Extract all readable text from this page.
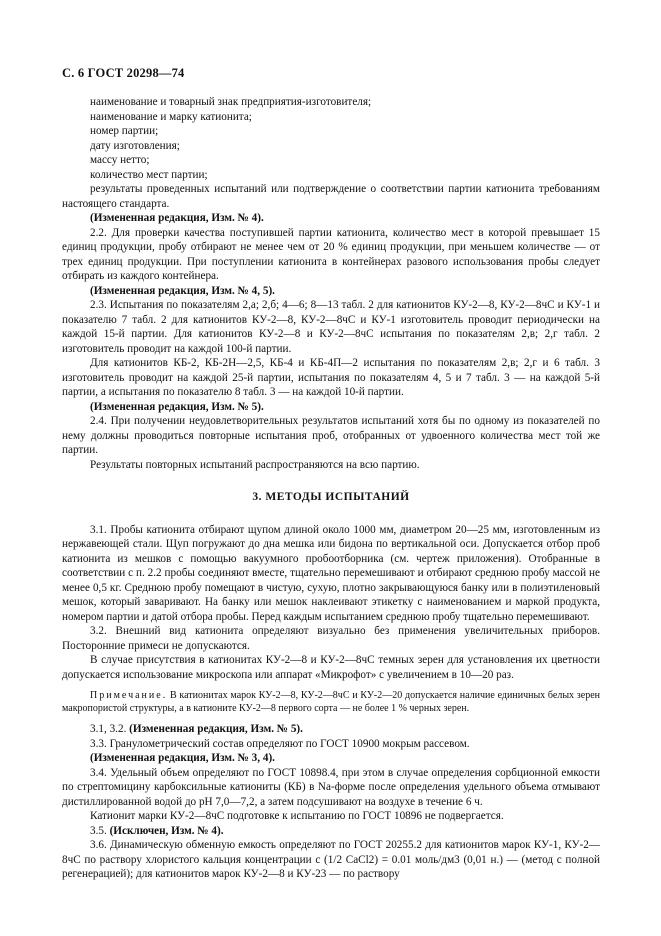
С. 6 ГОСТ 20298—74

наименование и товарный знак предприятия-изготовителя;

наименование и марку катионита;

номер партии;

дату изготовления;

массу нетто;

количество мест партии;

результаты проведенных испытаний или подтверждение о соответствии партии катионита требованиям настоящего стандарта.

(Измененная редакция, Изм. № 4).

2.2. Для проверки качества поступившей партии катионита, количество мест в которой превышает 15 единиц продукции, пробу отбирают не менее чем от 20 % единиц продукции, при меньшем количестве — от трех единиц продукции. При поступлении катионита в контейнерах разового использования пробы следует отбирать из каждого контейнера.

(Измененная редакция, Изм. № 4, 5).

2.3. Испытания по показателям 2,а; 2,б; 4—6; 8—13 табл. 2 для катионитов КУ-2—8, КУ-2—8чС и КУ-1 и показателю 7 табл. 2 для катионитов КУ-2—8, КУ-2—8чС и КУ-1 изготовитель проводит периодически на каждой 15-й партии. Для катионитов КУ-2—8 и КУ-2—8чС испытания по показателям 2,в; 2,г табл. 2 изготовитель проводит на каждой 100-й партии.

Для катионитов КБ-2, КБ-2Н—2,5, КБ-4 и КБ-4П—2 испытания по показателям 2,в; 2,г и 6 табл. 3 изготовитель проводит на каждой 25-й партии, испытания по показателям 4, 5 и 7 табл. 3 — на каждой 5-й партии, а испытания по показателю 8 табл. 3 — на каждой 10-й партии.

(Измененная редакция, Изм. № 5).

2.4. При получении неудовлетворительных результатов испытаний хотя бы по одному из показателей по нему должны проводиться повторные испытания проб, отобранных от удвоенного количества мест той же партии.

Результаты повторных испытаний распространяются на всю партию.

3. МЕТОДЫ ИСПЫТАНИЙ

3.1. Пробы катионита отбирают щупом длиной около 1000 мм, диаметром 20—25 мм, изготовленным из нержавеющей стали. Щуп погружают до дна мешка или бидона по вертикальной оси. Допускается отбор проб катионита из мешков с помощью вакуумного пробоотборника (см. чертеж приложения). Отобранные в соответствии с п. 2.2 пробы соединяют вместе, тщательно перемешивают и отбирают среднюю пробу массой не менее 0,5 кг. Среднюю пробу помещают в чистую, сухую, плотно закрывающуюся банку или в полиэтиленовый мешок, который заваривают. На банку или мешок наклеивают этикетку с наименованием и маркой продукта, номером партии и датой отбора пробы. Перед каждым испытанием среднюю пробу тщательно перемешивают.

3.2. Внешний вид катионита определяют визуально без применения увеличительных приборов. Посторонние примеси не допускаются.

В случае присутствия в катионитах КУ-2—8 и КУ-2—8чС темных зерен для установления их цветности допускается использование микроскопа или аппарат «Микрофот» с увеличением в 10—20 раз.

Примечание. В катионитах марок КУ-2—8, КУ-2—8чС и КУ-2—20 допускается наличие единичных белых зерен макропористой структуры, а в катионите КУ-2—8 первого сорта — не более 1 % черных зерен.

3.1, 3.2. (Измененная редакция, Изм. № 5).

3.3. Гранулометрический состав определяют по ГОСТ 10900 мокрым рассевом.

(Измененная редакция, Изм. № 3, 4).

3.4. Удельный объем определяют по ГОСТ 10898.4, при этом в случае определения сорбционной емкости по стрептомицину карбоксильные катиониты (КБ) в Na-форме после определения удельного объема отмывают дистиллированной водой до рН 7,0—7,2, а затем подсушивают на воздухе в течение 6 ч.

Катионит марки КУ-2—8чС подготовке к испытанию по ГОСТ 10896 не подвергается.

3.5. (Исключен, Изм. № 4).

3.6. Динамическую обменную емкость определяют по ГОСТ 20255.2 для катионитов марок КУ-1, КУ-2—8чС по раствору хлористого кальция концентрации c (1/2 CaCl2) = 0.01 моль/дм3 (0,01 н.) — (метод с полной регенерацией); для катионитов марок КУ-2—8 и КУ-23 — по раствору
